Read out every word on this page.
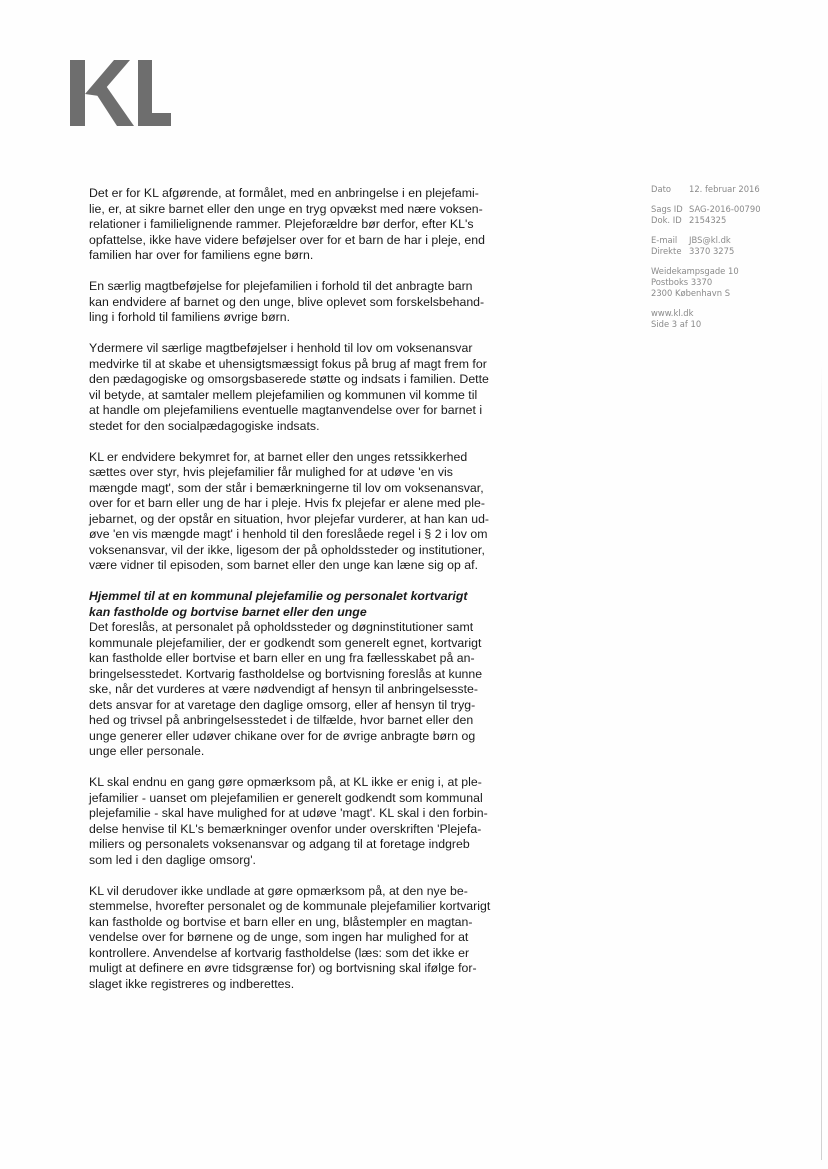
Det er for KL afgørende, at formålet, med en anbringelse i en plejefami-
lie, er, at sikre barnet eller den unge en tryg opvækst med nære voksen-
relationer i familielignende rammer. Plejeforældre bør derfor, efter KL's
opfattelse, ikke have videre beføjelser over for et barn de har i pleje, end
familien har over for familiens egne børn.

En særlig magtbeføjelse for plejefamilien i forhold til det anbragte barn
kan endvidere af barnet og den unge, blive oplevet som forskelsbehand-
ling i forhold til familiens øvrige børn.

Ydermere vil særlige magtbeføjelser i henhold til lov om voksenansvar
medvirke til at skabe et uhensigtsmæssigt fokus på brug af magt frem for
den pædagogiske og omsorgsbaserede støtte og indsats i familien. Dette
vil betyde, at samtaler mellem plejefamilien og kommunen vil komme til
at handle om plejefamiliens eventuelle magtanvendelse over for barnet i
stedet for den socialpædagogiske indsats.

KL er endvidere bekymret for, at barnet eller den unges retssikkerhed
sættes over styr, hvis plejefamilier får mulighed for at udøve 'en vis
mængde magt', som der står i bemærkningerne til lov om voksenansvar,
over for et barn eller ung de har i pleje. Hvis fx plejefar er alene med ple-
jebarnet, og der opstår en situation, hvor plejefar vurderer, at han kan ud-
øve 'en vis mængde magt' i henhold til den foreslåede regel i § 2 i lov om
voksenansvar, vil der ikke, ligesom der på opholdssteder og institutioner,
være vidner til episoden, som barnet eller den unge kan læne sig op af.

Hjemmel til at en kommunal plejefamilie og personalet kortvarigt
kan fastholde og bortvise barnet eller den unge

Det foreslås, at personalet på opholdssteder og døgninstitutioner samt
kommunale plejefamilier, der er godkendt som generelt egnet, kortvarigt
kan fastholde eller bortvise et barn eller en ung fra fællesskabet på an-
bringelsesstedet. Kortvarig fastholdelse og bortvisning foreslås at kunne
ske, når det vurderes at være nødvendigt af hensyn til anbringelsesste-
dets ansvar for at varetage den daglige omsorg, eller af hensyn til tryg-
hed og trivsel på anbringelsesstedet i de tilfælde, hvor barnet eller den
unge generer eller udøver chikane over for de øvrige anbragte børn og
unge eller personale.

KL skal endnu en gang gøre opmærksom på, at KL ikke er enig i, at ple-
jefamilier - uanset om plejefamilien er generelt godkendt som kommunal
plejefamilie - skal have mulighed for at udøve 'magt'. KL skal i den forbin-
delse henvise til KL's bemærkninger ovenfor under overskriften 'Plejefa-
miliers og personalets voksenansvar og adgang til at foretage indgreb
som led i den daglige omsorg'.

KL vil derudover ikke undlade at gøre opmærksom på, at den nye be-
stemmelse, hvorefter personalet og de kommunale plejefamilier kortvarigt
kan fastholde og bortvise et barn eller en ung, blåstempler en magtan-
vendelse over for børnene og de unge, som ingen har mulighed for at
kontrollere. Anvendelse af kortvarig fastholdelse (læs: som det ikke er
muligt at definere en øvre tidsgrænse for) og bortvisning skal ifølge for-
slaget ikke registreres og indberettes.

Dato	12. februar 2016
Sags ID SAG-2016-00790
Dok. ID 2154325
E-mail	JBS@kl.dk
Direkte 3370 3275
Weidekampsgade 10
Postboks 3370
2300 København S
www.kl.dk
Side 3 af 10
